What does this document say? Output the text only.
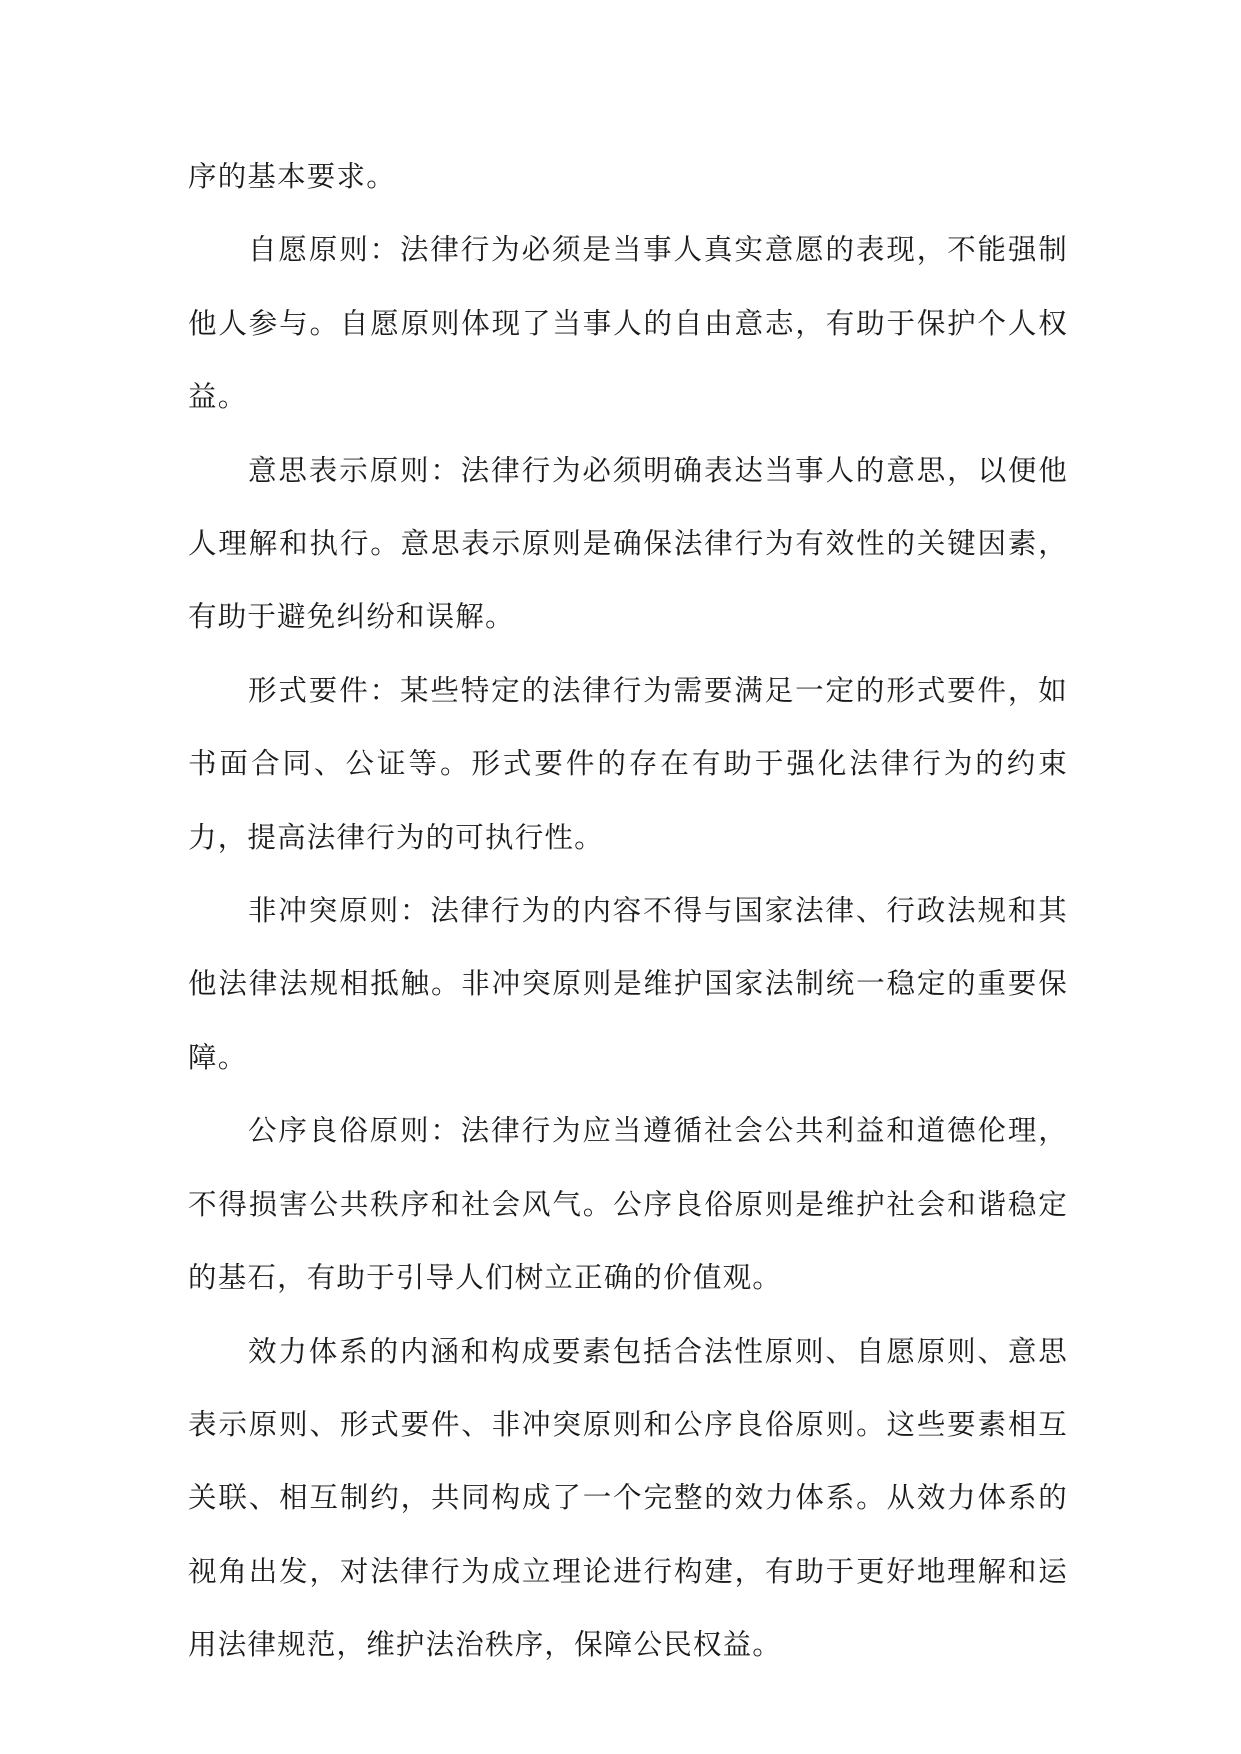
序的基本要求。

自愿原则：法律行为必须是当事人真实意愿的表现，不能强制他人参与。自愿原则体现了当事人的自由意志，有助于保护个人权益。

意思表示原则：法律行为必须明确表达当事人的意思，以便他人理解和执行。意思表示原则是确保法律行为有效性的关键因素，有助于避免纠纷和误解。

形式要件：某些特定的法律行为需要满足一定的形式要件，如书面合同、公证等。形式要件的存在有助于强化法律行为的约束力，提高法律行为的可执行性。

非冲突原则：法律行为的内容不得与国家法律、行政法规和其他法律法规相抵触。非冲突原则是维护国家法制统一稳定的重要保障。

公序良俗原则：法律行为应当遵循社会公共利益和道德伦理，不得损害公共秩序和社会风气。公序良俗原则是维护社会和谐稳定的基石，有助于引导人们树立正确的价值观。

效力体系的内涵和构成要素包括合法性原则、自愿原则、意思表示原则、形式要件、非冲突原则和公序良俗原则。这些要素相互关联、相互制约，共同构成了一个完整的效力体系。从效力体系的视角出发，对法律行为成立理论进行构建，有助于更好地理解和运用法律规范，维护法治秩序，保障公民权益。
